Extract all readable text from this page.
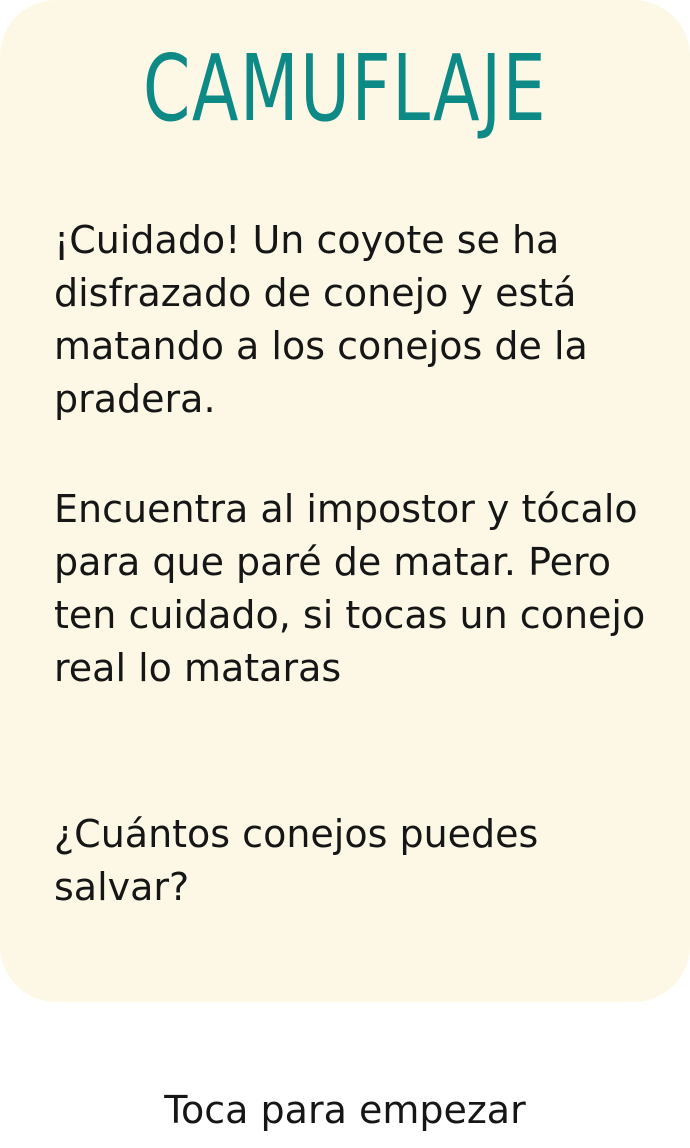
CAMUFLAJE

¡Cuidado! Un coyote se ha disfrazado de conejo y está matando a los conejos de la pradera.

Encuentra al impostor y tócalo para que paré de matar. Pero ten cuidado, si tocas un conejo real lo mataras

¿Cuántos conejos puedes salvar?

Toca para empezar
